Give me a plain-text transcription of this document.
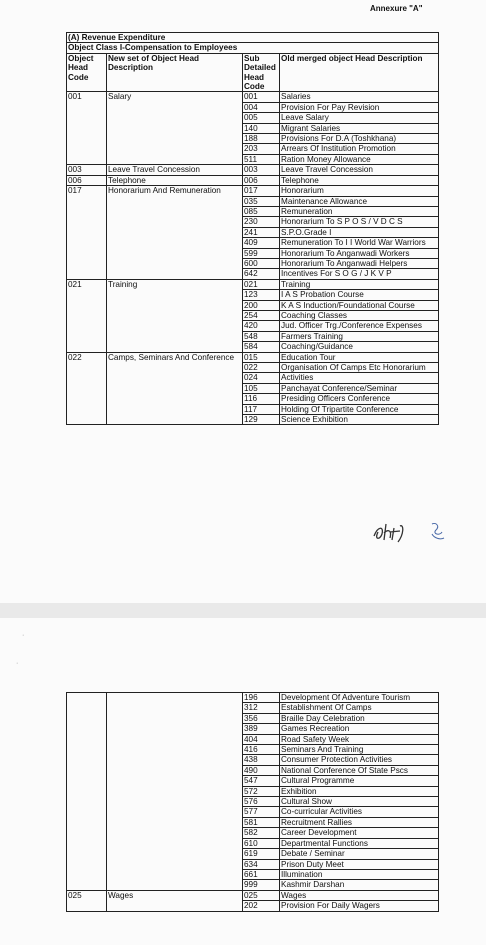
Annexure "A"
(A) Revenue Expenditure			
Object Class I-Compensation to Employees			
Object Head Code	New set of Object Head Description	Sub Detailed Head Code	Old merged object Head Description
001	Salary	001	Salaries
		004	Provision For Pay Revision
		005	Leave Salary
		140	Migrant Salaries
		188	Provisions For D.A (Toshkhana)
		203	Arrears Of Institution Promotion
		511	Ration Money Allowance
003	Leave Travel Concession	003	Leave Travel Concession
006	Telephone	006	Telephone
017	Honorarium And Remuneration	017	Honorarium
		035	Maintenance Allowance
		085	Remuneration
		230	Honorarium To S P O S / V D C S
		241	S.P.O.Grade I
		409	Remuneration To I I World War Warriors
		599	Honorarium To Anganwadi Workers
		600	Honorarium To Anganwadi Helpers
		642	Incentives For S O G / J K V P
021	Training	021	Training
		123	I A S Probation Course
		200	K A S Induction/Foundational Course
		254	Coaching Classes
		420	Jud. Officer Trg./Conference Expenses
		548	Farmers Training
		584	Coaching/Guidance
022	Camps, Seminars And Conference	015	Education Tour
		022	Organisation Of Camps Etc Honorarium
		024	Activities
		105	Panchayat Conference/Seminar
		116	Presiding Officers Conference
		117	Holding Of Tripartite Conference
		129	Science Exhibition
·
·
		196	Development Of Adventure Tourism
		312	Establishment Of Camps
		356	Braille Day Celebration
		389	Games Recreation
		404	Road Safety Week
		416	Seminars And Training
		438	Consumer Protection Activities
		490	National Conference Of State Pscs
		547	Cultural Programme
		572	Exhibition
		576	Cultural Show
		577	Co-curricular Activities
		581	Recruitment Rallies
		582	Career Development
		610	Departmental Functions
		619	Debate / Seminar
		634	Prison Duty Meet
		661	Illumination
		999	Kashmir Darshan
025	Wages	025	Wages
		202	Provision For Daily Wagers
